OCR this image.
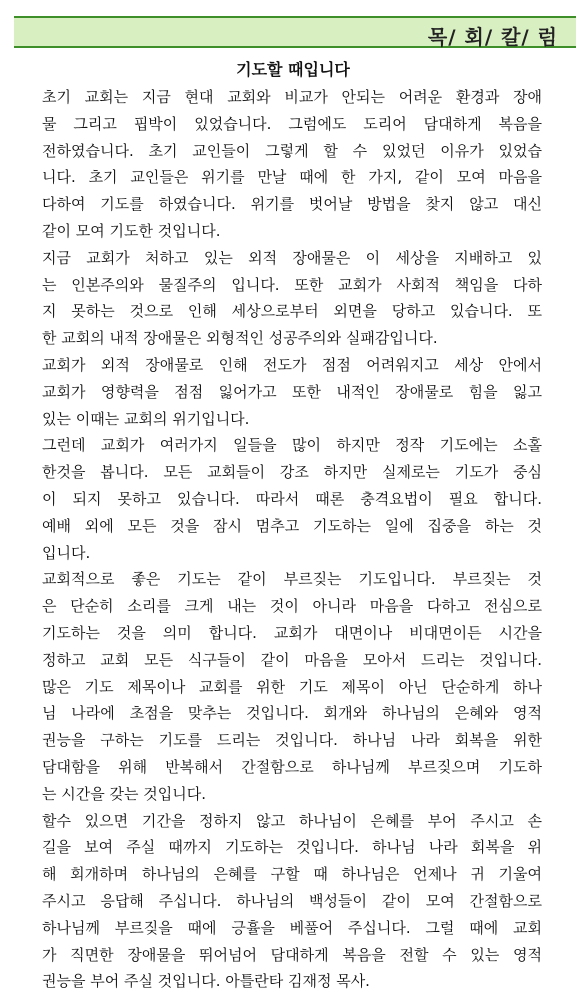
목/ 회/ 칼/ 럼
기도할 때입니다
초기 교회는 지금 현대 교회와 비교가 안되는 어려운 환경과 장애
물 그리고 핍박이 있었습니다. 그럼에도 도리어 담대하게 복음을
전하였습니다. 초기 교인들이 그렇게 할 수 있었던 이유가 있었습
니다. 초기 교인들은 위기를 만날 때에 한 가지, 같이 모여 마음을
다하여 기도를 하였습니다. 위기를 벗어날 방법을 찾지 않고 대신
같이 모여 기도한 것입니다.
지금 교회가 처하고 있는 외적 장애물은 이 세상을 지배하고 있
는 인본주의와 물질주의 입니다. 또한 교회가 사회적 책임을 다하
지 못하는 것으로 인해 세상으로부터 외면을 당하고 있습니다. 또
한 교회의 내적 장애물은 외형적인 성공주의와 실패감입니다.
교회가 외적 장애물로 인해 전도가 점점 어려워지고 세상 안에서
교회가 영향력을 점점 잃어가고 또한 내적인 장애물로 힘을 잃고
있는 이때는 교회의 위기입니다.
그런데 교회가 여러가지 일들을 많이 하지만 정작 기도에는 소홀
한것을 봅니다. 모든 교회들이 강조 하지만 실제로는 기도가 중심
이 되지 못하고 있습니다. 따라서 때론 충격요법이 필요 합니다.
예배 외에 모든 것을 잠시 멈추고 기도하는 일에 집중을 하는 것
입니다.
교회적으로 좋은 기도는 같이 부르짖는 기도입니다. 부르짖는 것
은 단순히 소리를 크게 내는 것이 아니라 마음을 다하고 전심으로
기도하는 것을 의미 합니다. 교회가 대면이나 비대면이든 시간을
정하고 교회 모든 식구들이 같이 마음을 모아서 드리는 것입니다.
많은 기도 제목이나 교회를 위한 기도 제목이 아닌 단순하게 하나
님 나라에 초점을 맞추는 것입니다. 회개와 하나님의 은혜와 영적
권능을 구하는 기도를 드리는 것입니다. 하나님 나라 회복을 위한
담대함을 위해 반복해서 간절함으로 하나님께 부르짖으며 기도하
는 시간을 갖는 것입니다.
할수 있으면 기간을 정하지 않고 하나님이 은혜를 부어 주시고 손
길을 보여 주실 때까지 기도하는 것입니다. 하나님 나라 회복을 위
해 회개하며 하나님의 은혜를 구할 때 하나님은 언제나 귀 기울여
주시고 응답해 주십니다. 하나님의 백성들이 같이 모여 간절함으로
하나님께 부르짖을 때에 긍휼을 베풀어 주십니다. 그럴 때에 교회
가 직면한 장애물을 뛰어넘어 담대하게 복음을 전할 수 있는 영적
권능을 부어 주실 것입니다. 아틀란타 김재정 목사.
